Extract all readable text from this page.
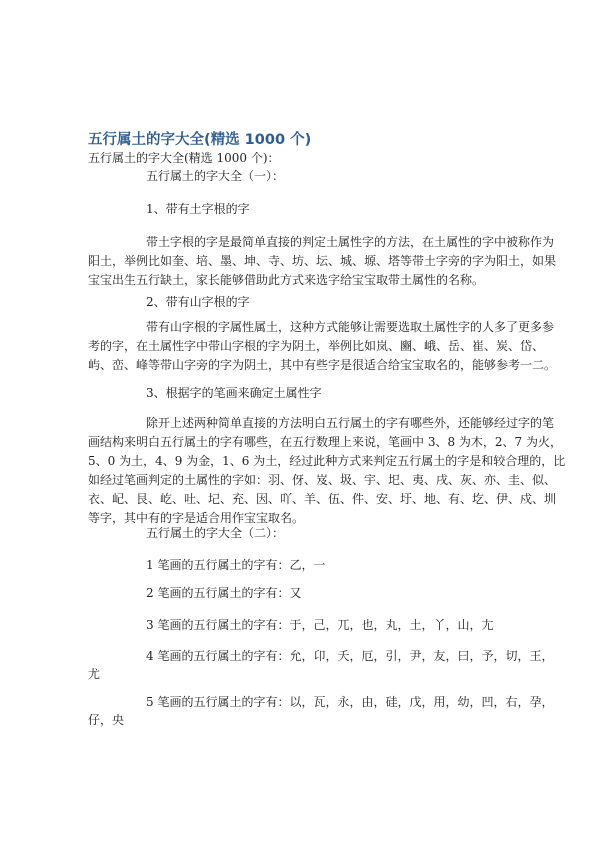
五行属土的字大全(精选 1000 个)
五行属土的字大全(精选 1000 个)：
五行属土的字大全（一）：
1、带有土字根的字
带土字根的字是最简单直接的判定土属性字的方法，在土属性的字中被称作为
阳土，举例比如奎、培、墨、坤、寺、坊、坛、城、塬、塔等带土字旁的字为阳土，如果
宝宝出生五行缺土，家长能够借助此方式来选字给宝宝取带土属性的名称。
2、带有山字根的字
带有山字根的字属性属土，这种方式能够让需要选取土属性字的人多了更多参
考的字，在土属性字中带山字根的字为阴土，举例比如岚、豳、峨、岳、崔、炭、岱、
屿、峦、峰等带山字旁的字为阴土，其中有些字是很适合给宝宝取名的，能够参考一二。
3、根据字的笔画来确定土属性字
除开上述两种简单直接的方法明白五行属土的字有哪些外，还能够经过字的笔
画结构来明白五行属土的字有哪些，在五行数理上来说，笔画中 3、8 为木，2、7 为火，
5、0 为土，4、9 为金，1、6 为土，经过此种方式来判定五行属土的字是和较合理的，比
如经过笔画判定的土属性的字如：羽、伢、岌、圾、宇、圯、夷、戌、灰、亦、圭、似、
衣、屺、艮、屹、吐、圮、充、因、吖、羊、伍、件、安、圩、地、有、圪、伊、戍、圳
等字，其中有的字是适合用作宝宝取名。
五行属土的字大全（二）：
1 笔画的五行属土的字有：乙，一
2 笔画的五行属土的字有：又
3 笔画的五行属土的字有：于，己，兀，也，丸，土，丫，山，尢
4 笔画的五行属土的字有：允，卬，夭，厄，引，尹，友，曰，予，切，王，
尤
5 笔画的五行属土的字有：以，瓦，永，由，硅，戊，用，幼，凹，右，孕，
仔，央
